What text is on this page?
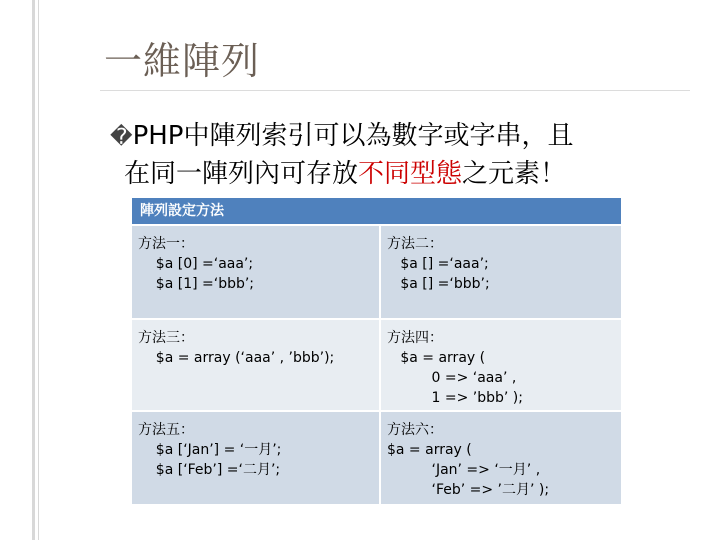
一維陣列
�PHP中陣列索引可以為數字或字串，且
在同一陣列內可存放不同型態之元素！
陣列設定方法
方法一：
$a [0] =‘aaa’;
$a [1] =‘bbb’;
方法二：
$a [] =‘aaa’;
$a [] =‘bbb’;
方法三：
$a = array (‘aaa’ , ’bbb’);
方法四：
$a = array (
0 => ‘aaa’ ,
1 => ’bbb’ );
方法五：
$a [‘Jan’] = ‘一月’;
$a [‘Feb’] =‘二月’;
方法六：
$a = array (
‘Jan’ => ‘一月’ ,
‘Feb’ => ’二月’ );
